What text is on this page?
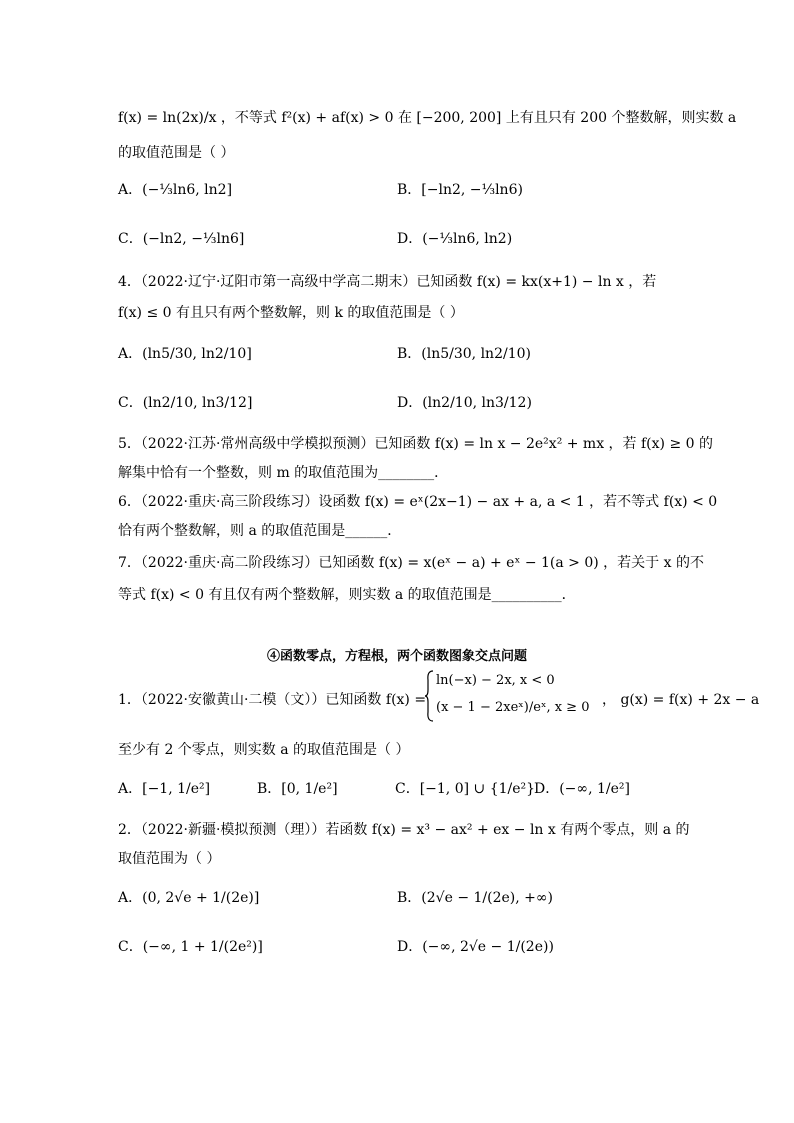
f(x) = ln(2x)/x ，不等式 f²(x) + af(x) > 0 在 [−200, 200] 上有且只有 200 个整数解，则实数 a
的取值范围是（ ）
A．(−⅓ln6, ln2]	B．[−ln2, −⅓ln6)
C．(−ln2, −⅓ln6]	D．(−⅓ln6, ln2)
4．（2022·辽宁·辽阳市第一高级中学高二期末）已知函数 f(x) = kx(x+1) − ln x ，若
f(x) ≤ 0 有且只有两个整数解，则 k 的取值范围是（ ）
A．(ln5/30, ln2/10]	B．(ln5/30, ln2/10)
C．(ln2/10, ln3/12]	D．(ln2/10, ln3/12)
5．（2022·江苏·常州高级中学模拟预测）已知函数 f(x) = ln x − 2e²x² + mx ，若 f(x) ≥ 0 的
解集中恰有一个整数，则 m 的取值范围为________．
6．（2022·重庆·高三阶段练习）设函数 f(x) = eˣ(2x−1) − ax + a, a < 1 ，若不等式 f(x) < 0
恰有两个整数解，则 a 的取值范围是______．
7．（2022·重庆·高二阶段练习）已知函数 f(x) = x(eˣ − a) + eˣ − 1(a > 0) ，若关于 x 的不
等式 f(x) < 0 有且仅有两个整数解，则实数 a 的取值范围是__________．
④函数零点，方程根，两个函数图象交点问题
1．（2022·安徽黄山·二模（文））已知函数 f(x) =
ln(−x) − 2x, x < 0
(x − 1 − 2xeˣ)/eˣ, x ≥ 0 ， g(x) = f(x) + 2x − a
至少有 2 个零点，则实数 a 的取值范围是（ ）
A．[−1, 1/e²]	B．[0, 1/e²]	C．[−1, 0] ∪ {1/e²}
D．(−∞, 1/e²]
2．（2022·新疆·模拟预测（理））若函数 f(x) = x³ − ax² + ex − ln x 有两个零点，则 a 的
取值范围为（ ）
A．(0, 2√e + 1/(2e)]	B．(2√e − 1/(2e), +∞)
C．(−∞, 1 + 1/(2e²)]	D．(−∞, 2√e − 1/(2e))
